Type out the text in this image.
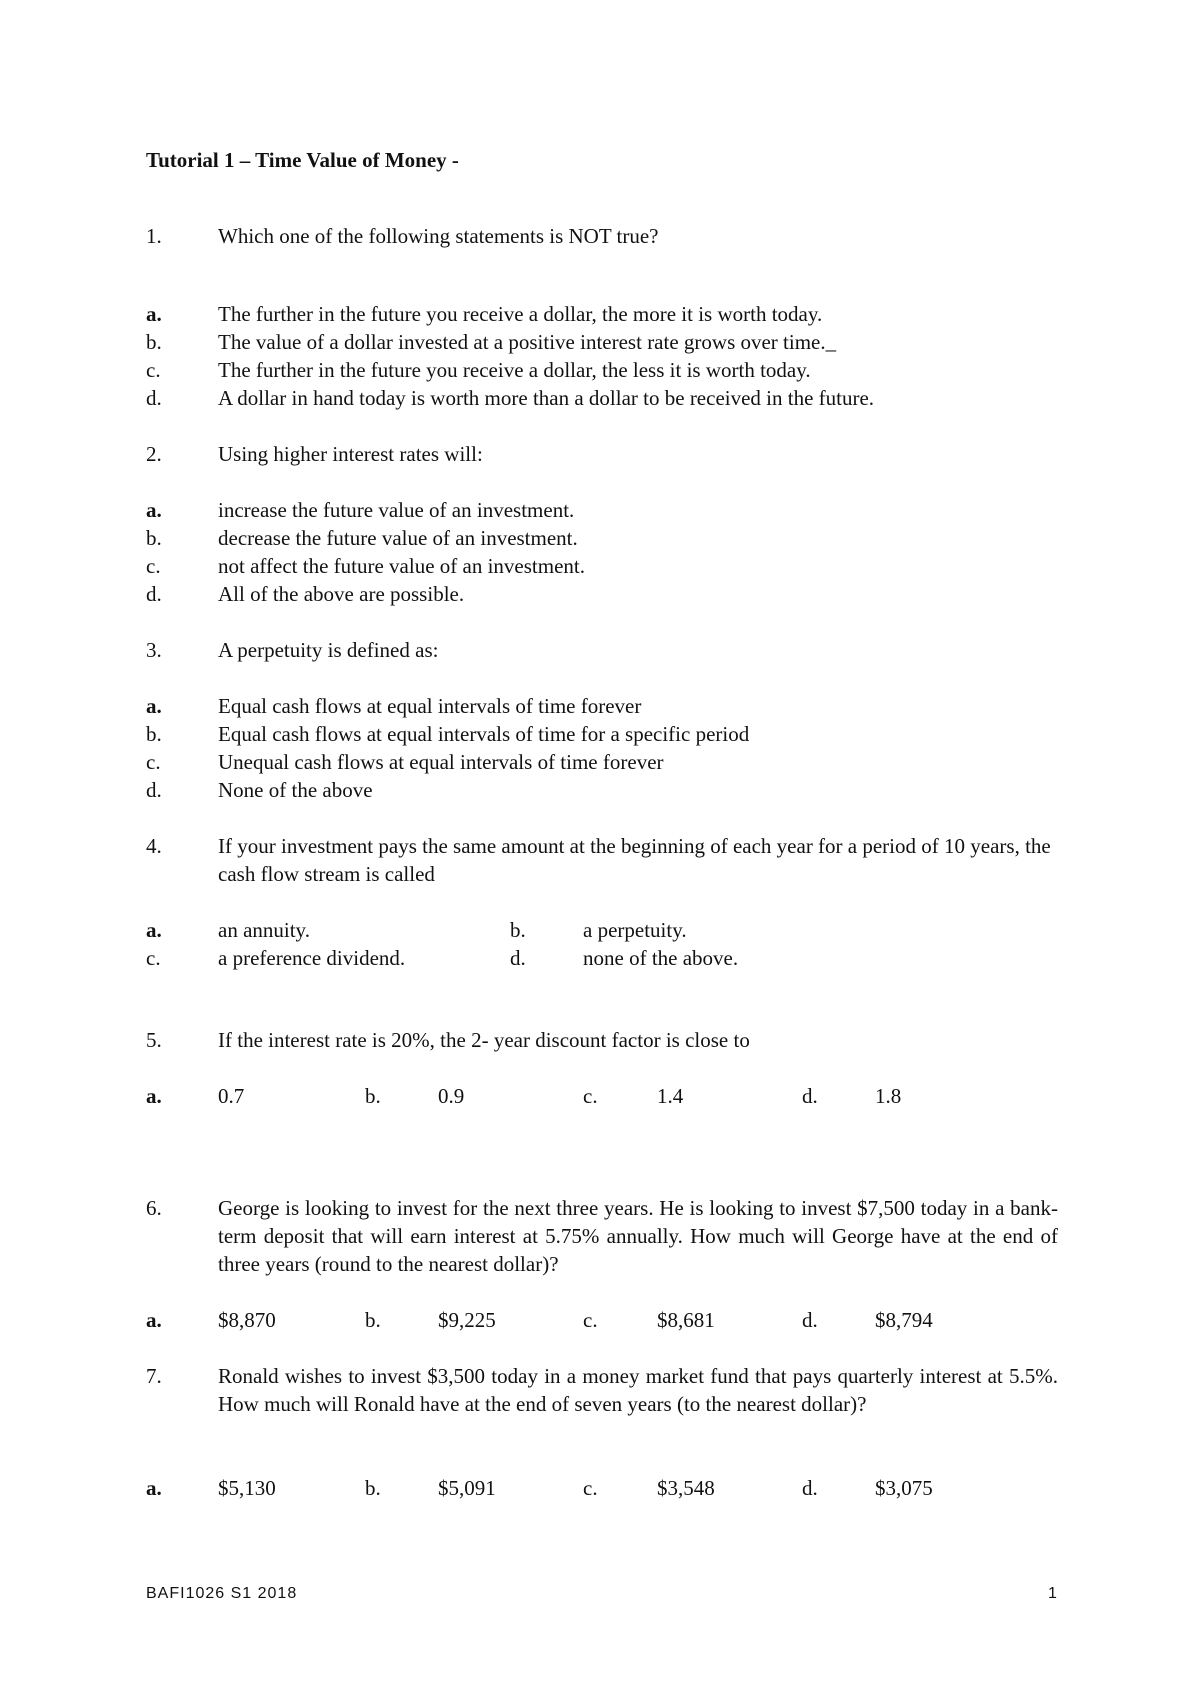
Tutorial 1 – Time Value of Money -
1.	Which one of the following statements is NOT true?
a.	The further in the future you receive a dollar, the more it is worth today.
b.	The value of a dollar invested at a positive interest rate grows over time._
c.	The further in the future you receive a dollar, the less it is worth today.
d.	A dollar in hand today is worth more than a dollar to be received in the future.
2.	Using higher interest rates will:
a.	increase the future value of an investment.
b.	decrease the future value of an investment.
c.	not affect the future value of an investment.
d.	All of the above are possible.
3.	A perpetuity is defined as:
a.	Equal cash flows at equal intervals of time forever
b.	Equal cash flows at equal intervals of time for a specific period
c.	Unequal cash flows at equal intervals of time forever
d.	None of the above
4.	If your investment pays the same amount at the beginning of each year for a period of 10 years, the cash flow stream is called
a.	an annuity.	b.	a perpetuity.
c.	a preference dividend.	d.	none of the above.
5.	If the interest rate is 20%, the 2- year discount factor is close to
a.	0.7	b.	0.9	c.	1.4	d.	1.8
6.	George is looking to invest for the next three years. He is looking to invest $7,500 today in a bank-term deposit that will earn interest at 5.75% annually. How much will George have at the end of three years (round to the nearest dollar)?
a.	$8,870	b.	$9,225	c.	$8,681	d.	$8,794
7.	Ronald wishes to invest $3,500 today in a money market fund that pays quarterly interest at 5.5%. How much will Ronald have at the end of seven years (to the nearest dollar)?
a.	$5,130	b.	$5,091	c.	$3,548	d.	$3,075
BAFI1026 S1 2018	1
